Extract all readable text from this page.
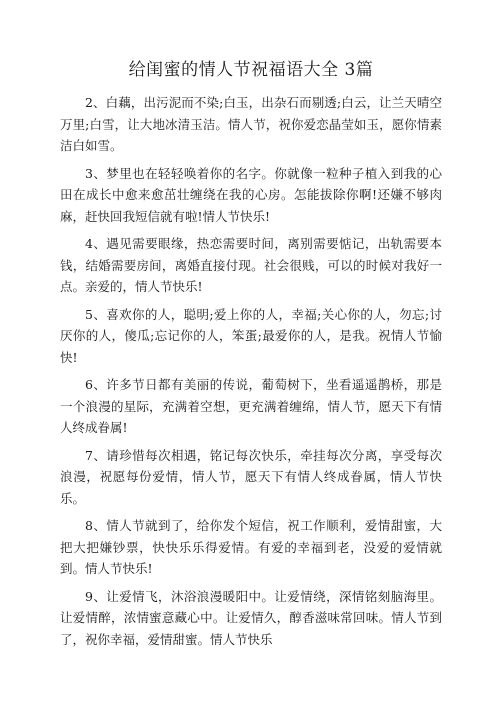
给闺蜜的情人节祝福语大全 3篇

2、白藕，出污泥而不染;白玉，出杂石而剔透;白云，让兰天晴空万里;白雪，让大地冰清玉洁。情人节，祝你爱恋晶莹如玉，愿你情素洁白如雪。

3、梦里也在轻轻唤着你的名字。你就像一粒种子植入到我的心田在成长中愈来愈茁壮缠绕在我的心房。怎能拔除你啊!还嫌不够肉麻，赶快回我短信就有啦!情人节快乐!

4、遇见需要眼缘，热恋需要时间，离别需要惦记，出轨需要本钱，结婚需要房间，离婚直接付现。社会很贱，可以的时候对我好一点。亲爱的，情人节快乐!

5、喜欢你的人，聪明;爱上你的人，幸福;关心你的人，勿忘;讨厌你的人，傻瓜;忘记你的人，笨蛋;最爱你的人，是我。祝情人节愉快!

6、许多节日都有美丽的传说，葡萄树下，坐看遥遥鹊桥，那是一个浪漫的星际，充满着空想，更充满着缠绵，情人节，愿天下有情人终成眷属!

7、请珍惜每次相遇，铭记每次快乐，牵挂每次分离，享受每次浪漫，祝愿每份爱情，情人节，愿天下有情人终成眷属，情人节快乐。

8、情人节就到了，给你发个短信，祝工作顺利，爱情甜蜜，大把大把嫌钞票，快快乐乐得爱情。有爱的幸福到老，没爱的爱情就到。情人节快乐!

9、让爱情飞，沐浴浪漫暖阳中。让爱情绕，深情铭刻脑海里。让爱情醉，浓情蜜意藏心中。让爱情久，醇香滋味常回味。情人节到了，祝你幸福，爱情甜蜜。情人节快乐
